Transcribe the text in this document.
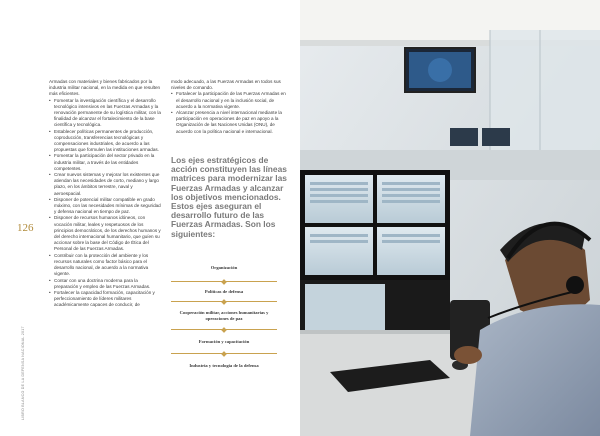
126
LIBRO BLANCO DE LA DEFENSA NACIONAL 2017

Armadas con materiales y bienes fabricados por la industria militar nacional, en la medida en que resulten más eficientes.

• Fomentar la investigación científica y el desarrollo tecnológico intensivos en las Fuerzas Armadas y la renovación permanente de su logística militar, con la finalidad de alcanzar el fortalecimiento de la base científica y tecnológica.
• Establecer políticas permanentes de producción, coproducción, transferencias tecnológicas y compensaciones industriales, de acuerdo a las propuestas que formulen las instituciones armadas.
• Fomentar la participación del sector privado en la industria militar, a través de las entidades competentes.
• Crear nuevos sistemas y mejorar los existentes que atiendan las necesidades de corto, mediano y largo plazo, en los ámbitos terrestre, naval y aeroespacial.
• Disponer de potencial militar compatible en grado máximo, con las necesidades mínimas de seguridad y defensa nacional en tiempo de paz.
• Disponer de recursos humanos idóneos, con vocación militar, leales y respetuosos de los principios democráticos, de los derechos humanos y del derecho internacional humanitario, que guíen su accionar sobre la base del Código de Ética del Personal de las Fuerzas Armadas.
• Contribuir con la protección del ambiente y los recursos naturales como factor básico para el desarrollo nacional, de acuerdo a la normativa vigente.
• Contar con una doctrina moderna para la preparación y empleo de las Fuerzas Armadas.
• Fortalecer la capacidad formación, capacitación y perfeccionamiento de líderes militares académicamente capaces de conducir, de

modo adecuado, a las Fuerzas Armadas en todos sus niveles de comando.

• Fortalecer la participación de las Fuerzas Armadas en el desarrollo nacional y en la inclusión social, de acuerdo a la normativa vigente.
• Alcanzar presencia a nivel internacional mediante la participación en operaciones de paz en apoyo a la Organización de las Naciones Unidas (ONU), de acuerdo con la política nacional e internacional.
Los ejes estratégicos de acción constituyen las líneas matrices para modernizar las Fuerzas Armadas y alcanzar los objetivos mencionados. Estos ejes aseguran el desarrollo futuro de las Fuerzas Armadas. Son los siguientes:
Organización
Políticas de defensa
Cooperación militar, acciones humanitarias y operaciones de paz
Formación y capacitación
Industria y tecnología de la defensa
